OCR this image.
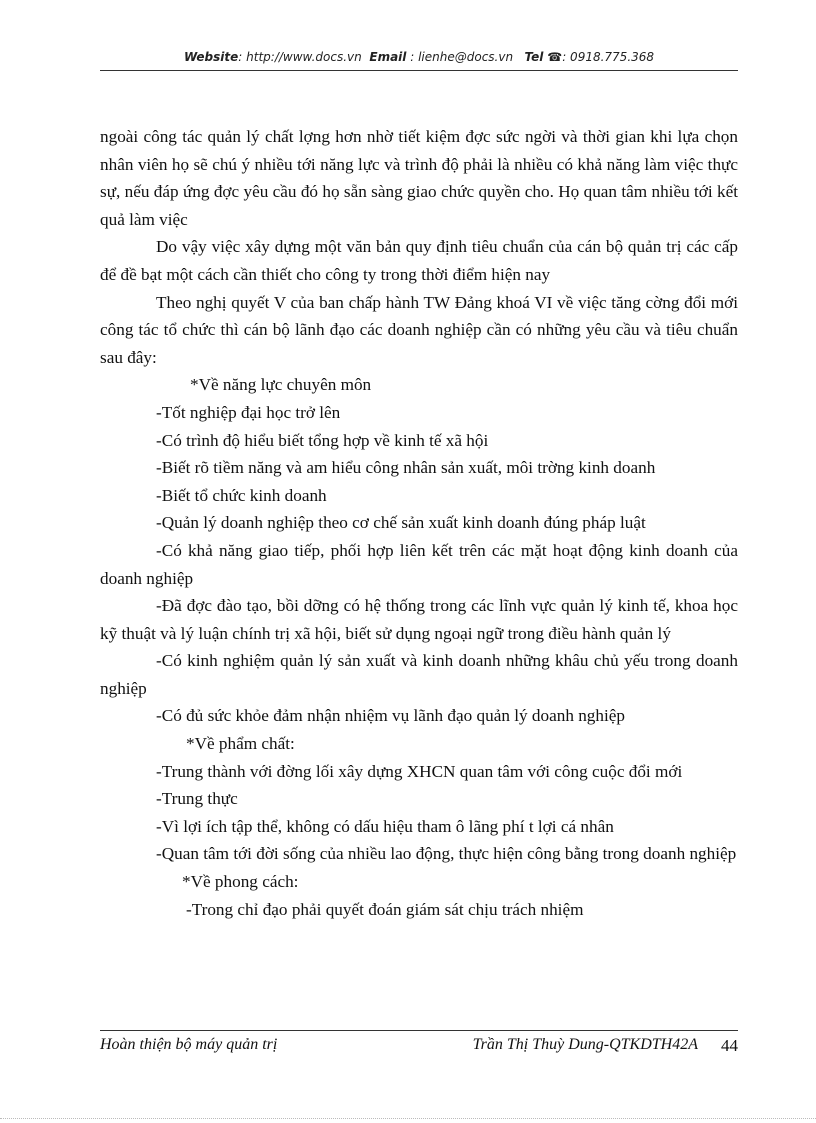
Website: http://www.docs.vn Email : lienhe@docs.vn Tel ☎: 0918.775.368

ngoài công tác quản lý chất lợng hơn nhờ tiết kiệm đợc sức ngời và thời gian khi lựa chọn nhân viên họ sẽ chú ý nhiều tới năng lực và trình độ phải là nhiều có khả năng làm việc thực sự, nếu đáp ứng đợc yêu cầu đó họ sẵn sàng giao chức quyền cho. Họ quan tâm nhiều tới kết quả làm việc

Do vậy việc xây dựng một văn bản quy định tiêu chuẩn của cán bộ quản trị các cấp để đề bạt một cách cần thiết cho công ty trong thời điểm hiện nay

Theo nghị quyết V của ban chấp hành TW Đảng khoá VI về việc tăng cờng đổi mới công tác tổ chức thì cán bộ lãnh đạo các doanh nghiệp cần có những yêu cầu và tiêu chuẩn sau đây:

*Về năng lực chuyên môn

-Tốt nghiệp đại học trở lên

-Có trình độ hiểu biết tổng hợp về kinh tế xã hội

-Biết rõ tiềm năng và am hiểu công nhân sản xuất, môi trờng kinh doanh

-Biết tổ chức kinh doanh

-Quản lý doanh nghiệp theo cơ chế sản xuất kinh doanh đúng pháp luật

-Có khả năng giao tiếp, phối hợp liên kết trên các mặt hoạt động kinh doanh của doanh nghiệp

-Đã đợc đào tạo, bồi dỡng có hệ thống trong các lĩnh vực quản lý kinh tế, khoa học kỹ thuật và lý luận chính trị xã hội, biết sử dụng ngoại ngữ trong điều hành quản lý

-Có kinh nghiệm quản lý sản xuất và kinh doanh những khâu chủ yếu trong doanh nghiệp

-Có đủ sức khỏe đảm nhận nhiệm vụ lãnh đạo quản lý doanh nghiệp

*Về phẩm chất:

-Trung thành với đờng lối xây dựng XHCN quan tâm với công cuộc đổi mới

-Trung thực

-Vì lợi ích tập thể, không có dấu hiệu tham ô lãng phí t lợi cá nhân

-Quan tâm tới đời sống của nhiều lao động, thực hiện công bằng trong doanh nghiệp

*Về phong cách:

-Trong chỉ đạo phải quyết đoán giám sát chịu trách nhiệm

Hoàn thiện bộ máy quản trị	Trần Thị Thuỳ Dung-QTKDTH42A 44
